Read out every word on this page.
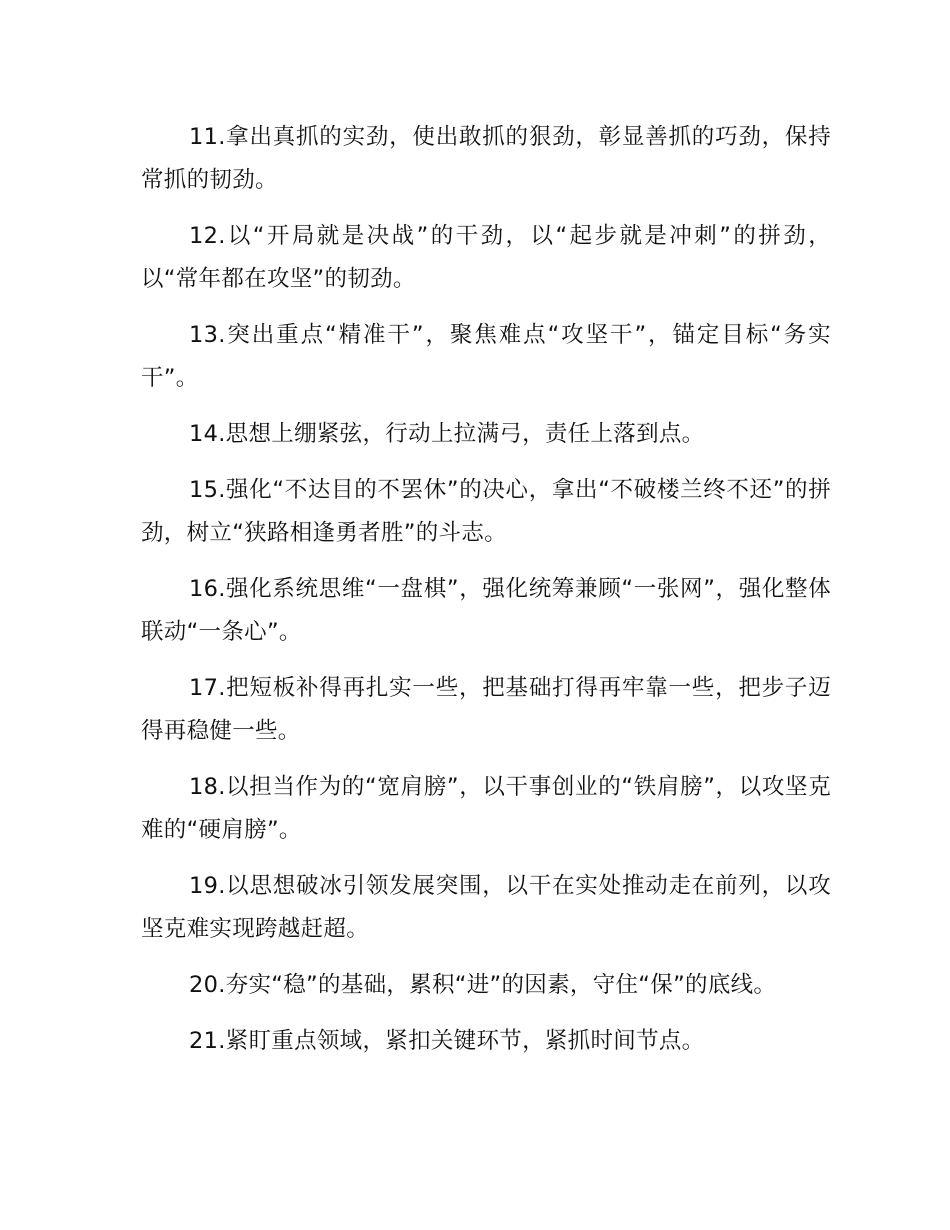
11.拿出真抓的实劲，使出敢抓的狠劲，彰显善抓的巧劲，保持常抓的韧劲。

12.以“开局就是决战”的干劲，以“起步就是冲刺”的拼劲，以“常年都在攻坚”的韧劲。

13.突出重点“精准干”，聚焦难点“攻坚干”，锚定目标“务实干”。

14.思想上绷紧弦，行动上拉满弓，责任上落到点。

15.强化“不达目的不罢休”的决心，拿出“不破楼兰终不还”的拼劲，树立“狭路相逢勇者胜”的斗志。

16.强化系统思维“一盘棋”，强化统筹兼顾“一张网”，强化整体联动“一条心”。

17.把短板补得再扎实一些，把基础打得再牢靠一些，把步子迈得再稳健一些。

18.以担当作为的“宽肩膀”，以干事创业的“铁肩膀”，以攻坚克难的“硬肩膀”。

19.以思想破冰引领发展突围，以干在实处推动走在前列，以攻坚克难实现跨越赶超。

20.夯实“稳”的基础，累积“进”的因素，守住“保”的底线。

21.紧盯重点领域，紧扣关键环节，紧抓时间节点。
